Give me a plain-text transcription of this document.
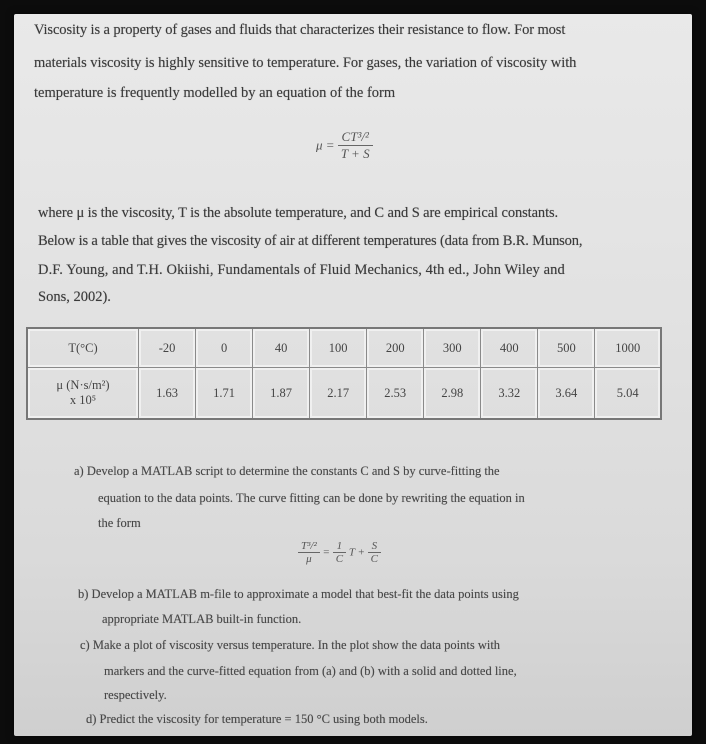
Viscosity is a property of gases and fluids that characterizes their resistance to flow. For most
materials viscosity is highly sensitive to temperature. For gases, the variation of viscosity with
temperature is frequently modelled by an equation of the form
$\mu = \frac{\text{CT³/²}}{T + S}$
where μ is the viscosity, T is the absolute temperature, and C and S are empirical constants.
Below is a table that gives the viscosity of air at different temperatures (data from B.R. Munson,
D.F. Young, and T.H. Okiishi, Fundamentals of Fluid Mechanics, 4th ed., John Wiley and
Sons, 2002).
T(°C)	-20	0	40	100	200	300	400	500	1000

μ (N·s/m²)
x 10⁵	1.63	1.71	1.87	2.17	2.53	2.98	3.32	3.64	5.04
a) Develop a MATLAB script to determine the constants C and S by curve-fitting the
equation to the data points. The curve fitting can be done by rewriting the equation in
the form
$\frac{\text{T³/²}}{\mu} = \frac{1}{C}$ $T + \frac{S}{C}$
b) Develop a MATLAB m-file to approximate a model that best-fit the data points using
appropriate MATLAB built-in function.
c) Make a plot of viscosity versus temperature. In the plot show the data points with
markers and the curve-fitted equation from (a) and (b) with a solid and dotted line,
respectively.
d) Predict the viscosity for temperature = 150 °C using both models.
